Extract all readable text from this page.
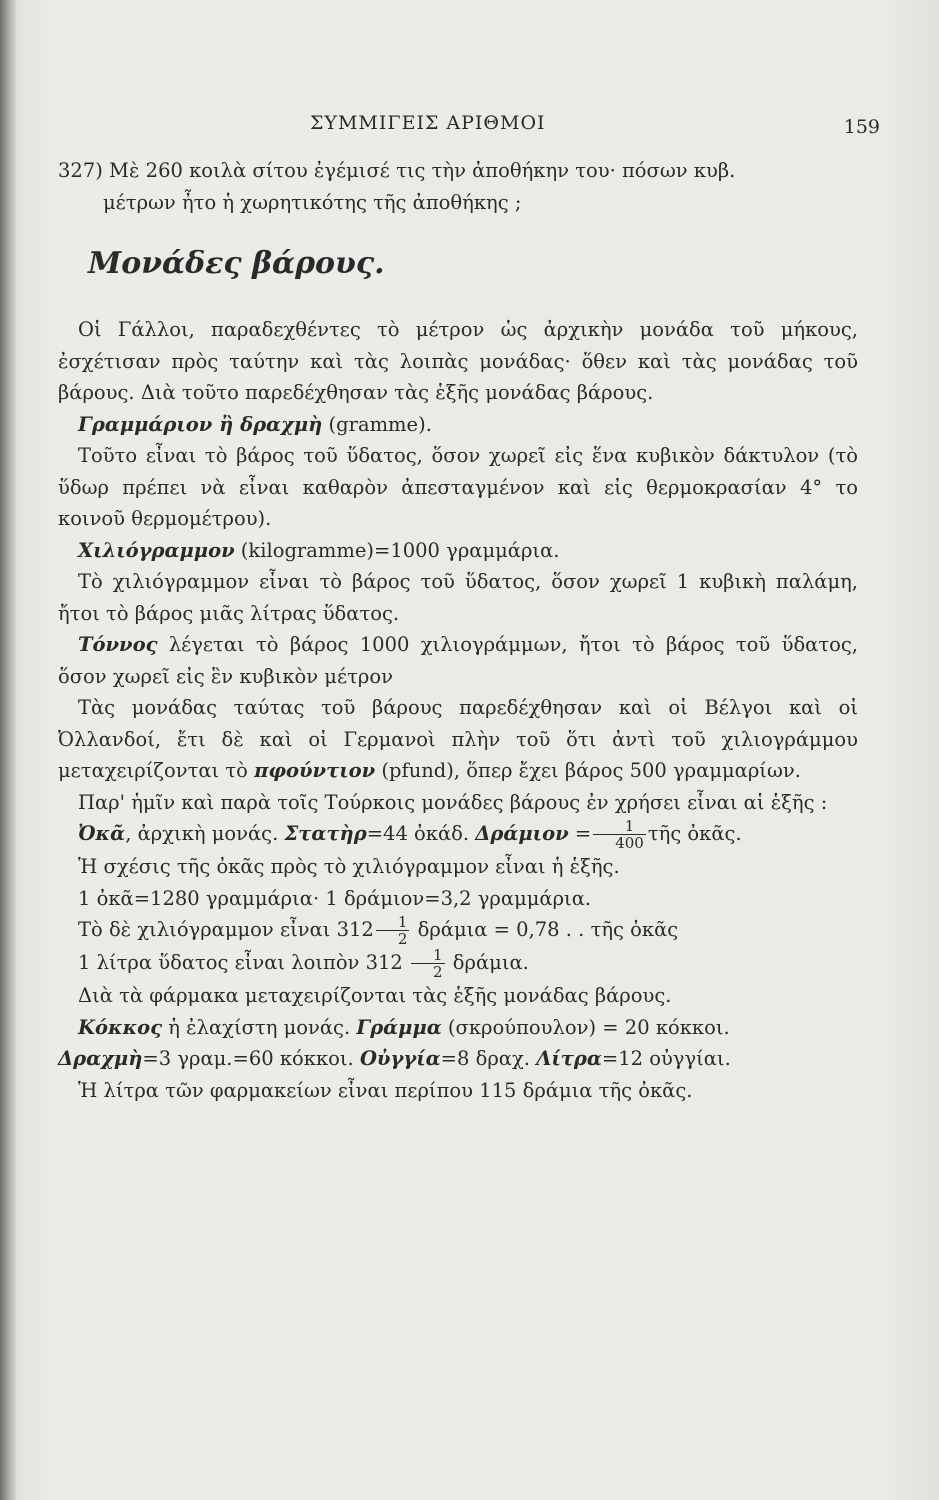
ΣΥΜΜΙΓΕΙΣ ΑΡΙΘΜΟΙ	159

327) Μὲ 260 κοιλὰ σίτου ἐγέμισέ τις τὴν ἀποθήκην του· πόσων κυβ.

μέτρων ἦτο ἡ χωρητικότης τῆς ἀποθήκης ;

Μονάδες βάρους.

Οἱ Γάλλοι, παραδεχθέντες τὸ μέτρον ὡς ἀρχικὴν μονάδα τοῦ μήκους, ἐσχέτισαν πρὸς ταύτην καὶ τὰς λοιπὰς μονάδας· ὅθεν καὶ τὰς μονάδας τοῦ βάρους. Διὰ τοῦτο παρεδέχθησαν τὰς ἑξῆς μονάδας βάρους.

Γραμμάριον ἢ δραχμὴ (gramme).

Τοῦτο εἶναι τὸ βάρος τοῦ ὕδατος, ὅσον χωρεῖ εἰς ἕνα κυβικὸν δάκτυλον (τὸ ὕδωρ πρέπει νὰ εἶναι καθαρὸν ἀπεσταγμένον καὶ εἰς θερμοκρασίαν 4° το κοινοῦ θερμομέτρου).

Χιλιόγραμμον (kilogramme)=1000 γραμμάρια.

Τὸ χιλιόγραμμον εἶναι τὸ βάρος τοῦ ὕδατος, ὅσον χωρεῖ 1 κυβικὴ παλάμη, ἤτοι τὸ βάρος μιᾶς λίτρας ὕδατος.

Τόννος λέγεται τὸ βάρος 1000 χιλιογράμμων, ἤτοι τὸ βάρος τοῦ ὕδατος, ὅσον χωρεῖ εἰς ἓν κυβικὸν μέτρον

Τὰς μονάδας ταύτας τοῦ βάρους παρεδέχθησαν καὶ οἱ Βέλγοι καὶ οἱ Ὀλλανδοί, ἔτι δὲ καὶ οἱ Γερμανοὶ πλὴν τοῦ ὅτι ἀντὶ τοῦ χιλιογράμμου μεταχειρίζονται τὸ πφούντιον (pfund), ὅπερ ἔχει βάρος 500 γραμμαρίων.

Παρ' ἡμῖν καὶ παρὰ τοῖς Τούρκοις μονάδες βάρους ἐν χρήσει εἶναι αἱ ἑξῆς :

Ὀκᾶ, ἀρχικὴ μονάς. Στατὴρ=44 ὀκάδ. $\Delta\rho ά\mu\iota o\nu = \frac{1}{400}$ τῆς ὀκᾶς.

Ἡ σχέσις τῆς ὀκᾶς πρὸς τὸ χιλιόγραμμον εἶναι ἡ ἑξῆς.

1 ὀκᾶ=1280 γραμμάρια· 1 δράμιον=3,2 γραμμάρια.

Τὸ δὲ χιλιόγραμμον εἶναι $312 \frac{1}{2}$ δράμια = 0,78 . . τῆς ὀκᾶς

1 λίτρα ὕδατος εἶναι λοιπὸν $312 \frac{1}{2} \delta\rho ά\mu\iota\alpha$.

Διὰ τὰ φάρμακα μεταχειρίζονται τὰς ἑξῆς μονάδας βάρους.

Κόκκος ἡ ἐλαχίστη μονάς. Γράμμα (σκρούπουλον) = 20 κόκκοι.

Δραχμὴ=3 γραμ.=60 κόκκοι. Οὐγγία=8 δραχ. Λίτρα=12 οὐγγίαι.

Ἡ λίτρα τῶν φαρμακείων εἶναι περίπου 115 δράμια τῆς ὀκᾶς.
